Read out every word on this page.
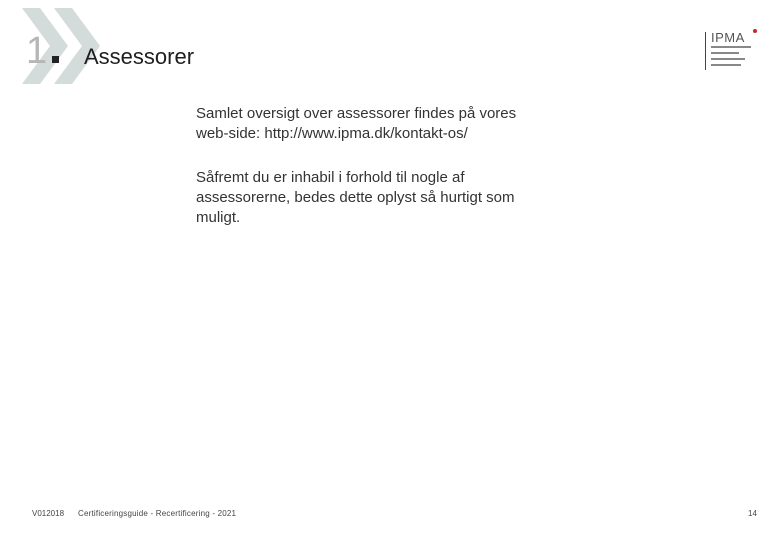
1 Assessorer
IPMA
Samlet oversigt over assessorer findes på vores
web-side: http://www.ipma.dk/kontakt-os/
Såfremt du er inhabil i forhold til nogle af
assessorerne, bedes dette oplyst så hurtigt som
muligt.
V012018 Certificeringsguide - Recertificering - 2021	14
